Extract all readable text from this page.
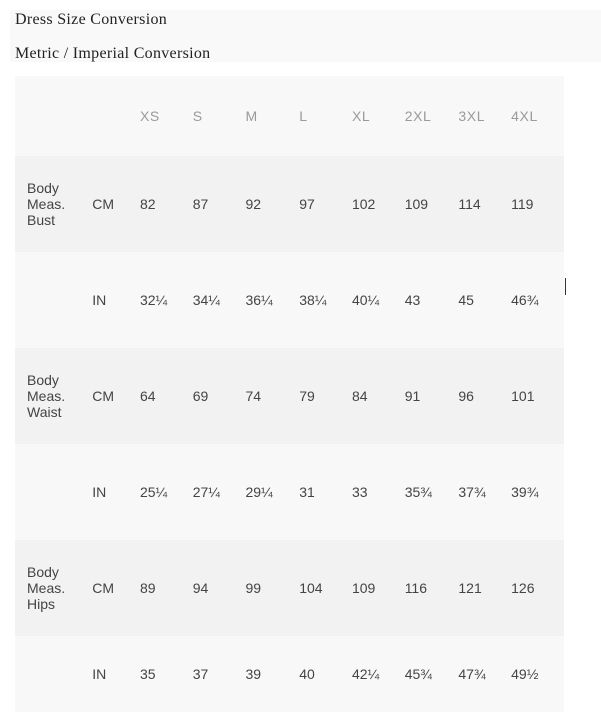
Dress Size Conversion
Metric / Imperial Conversion
		XS	S	M	L	XL	2XL	3XL	4XL

Body
Meas.
Bust	CM	82	87	92	97	102	109	114	119

	IN	32¼	34¼	36¼	38¼	40¼	43	45	46¾

Body
Meas.
Waist	CM	64	69	74	79	84	91	96	101

	IN	25¼	27¼	29¼	31	33	35¾	37¾	39¾

Body
Meas.
Hips	CM	89	94	99	104	109	116	121	126

	IN	35	37	39	40	42¼	45¾	47¾	49½
